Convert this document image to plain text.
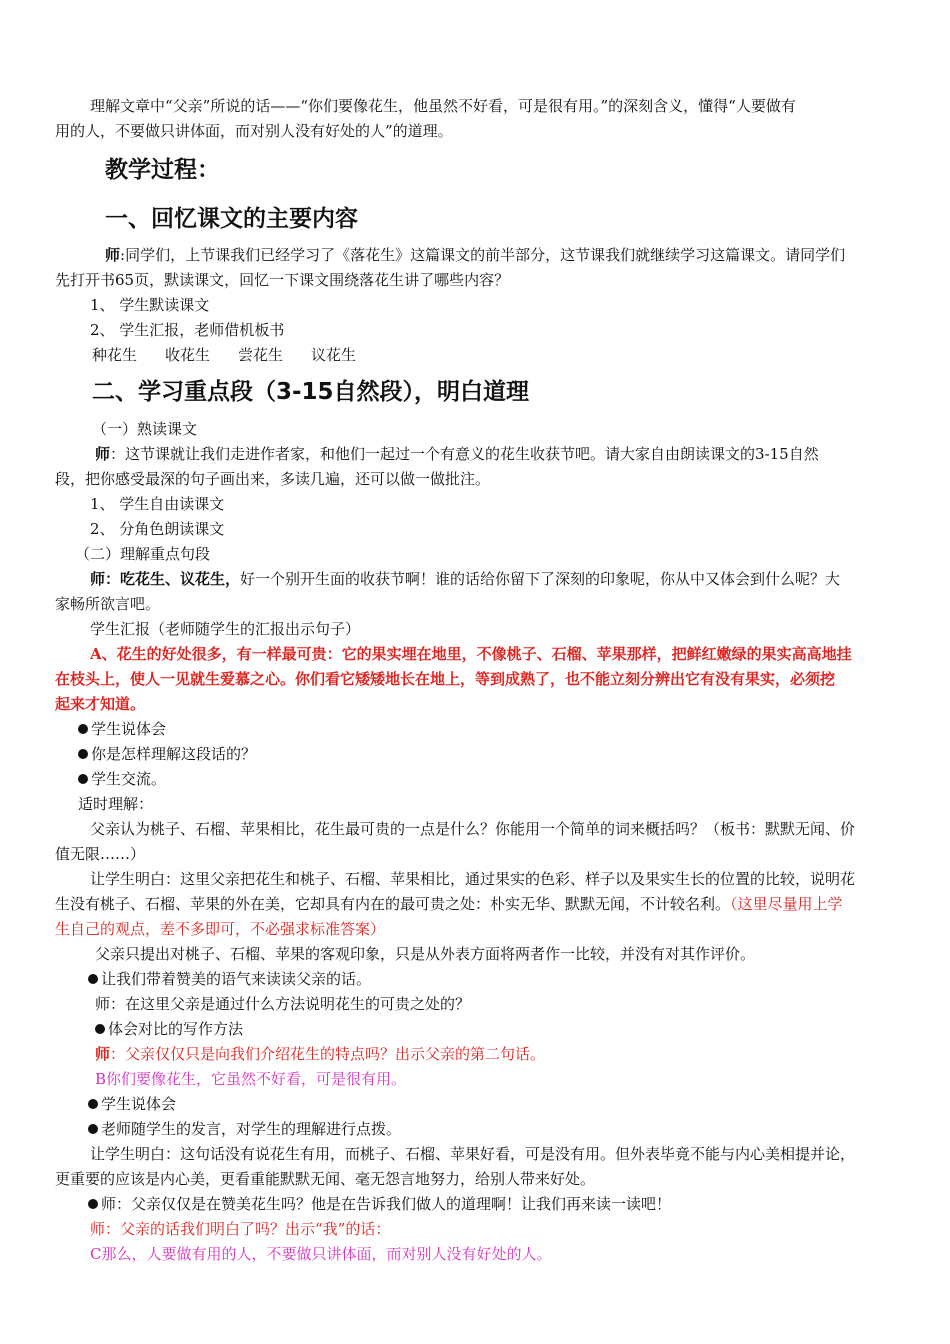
理解文章中“父亲”所说的话——“你们要像花生，他虽然不好看，可是很有用。”的深刻含义，懂得“人要做有
用的人，不要做只讲体面，而对别人没有好处的人”的道理。
教学过程：
一、回忆课文的主要内容
师:同学们，上节课我们已经学习了《落花生》这篇课文的前半部分，这节课我们就继续学习这篇课文。请同学们
先打开书65页，默读课文，回忆一下课文围绕落花生讲了哪些内容？
1、 学生默读课文
2、 学生汇报，老师借机板书
种花生 收花生 尝花生 议花生
二、学习重点段（3-15自然段），明白道理
（一）熟读课文
师：这节课就让我们走进作者家，和他们一起过一个有意义的花生收获节吧。请大家自由朗读课文的3-15自然
段，把你感受最深的句子画出来，多读几遍，还可以做一做批注。
1、 学生自由读课文
2、 分角色朗读课文
（二）理解重点句段
师：吃花生、议花生，好一个别开生面的收获节啊！谁的话给你留下了深刻的印象呢，你从中又体会到什么呢？大
家畅所欲言吧。
学生汇报（老师随学生的汇报出示句子）
A、花生的好处很多，有一样最可贵：它的果实埋在地里，不像桃子、石榴、苹果那样，把鲜红嫩绿的果实高高地挂
在枝头上，使人一见就生爱慕之心。你们看它矮矮地长在地上，等到成熟了，也不能立刻分辨出它有没有果实，必须挖
起来才知道。
学生说体会
你是怎样理解这段话的？
学生交流。
适时理解：
父亲认为桃子、石榴、苹果相比，花生最可贵的一点是什么？你能用一个简单的词来概括吗？（板书：默默无闻、价
值无限……）
让学生明白：这里父亲把花生和桃子、石榴、苹果相比，通过果实的色彩、样子以及果实生长的位置的比较，说明花
生没有桃子、石榴、苹果的外在美，它却具有内在的最可贵之处：朴实无华、默默无闻，不计较名利。（这里尽量用上学
生自己的观点，差不多即可，不必强求标准答案）
父亲只提出对桃子、石榴、苹果的客观印象，只是从外表方面将两者作一比较，并没有对其作评价。
让我们带着赞美的语气来读读父亲的话。
师：在这里父亲是通过什么方法说明花生的可贵之处的？
体会对比的写作方法
师：父亲仅仅只是向我们介绍花生的特点吗？出示父亲的第二句话。
B你们要像花生，它虽然不好看，可是很有用。
学生说体会
老师随学生的发言，对学生的理解进行点拨。
让学生明白：这句话没有说花生有用，而桃子、石榴、苹果好看，可是没有用。但外表毕竟不能与内心美相提并论，
更重要的应该是内心美，更看重能默默无闻、毫无怨言地努力，给别人带来好处。
师：父亲仅仅是在赞美花生吗？他是在告诉我们做人的道理啊！让我们再来读一读吧！
师：父亲的话我们明白了吗？出示“我”的话：
C那么，人要做有用的人，不要做只讲体面，而对别人没有好处的人。
